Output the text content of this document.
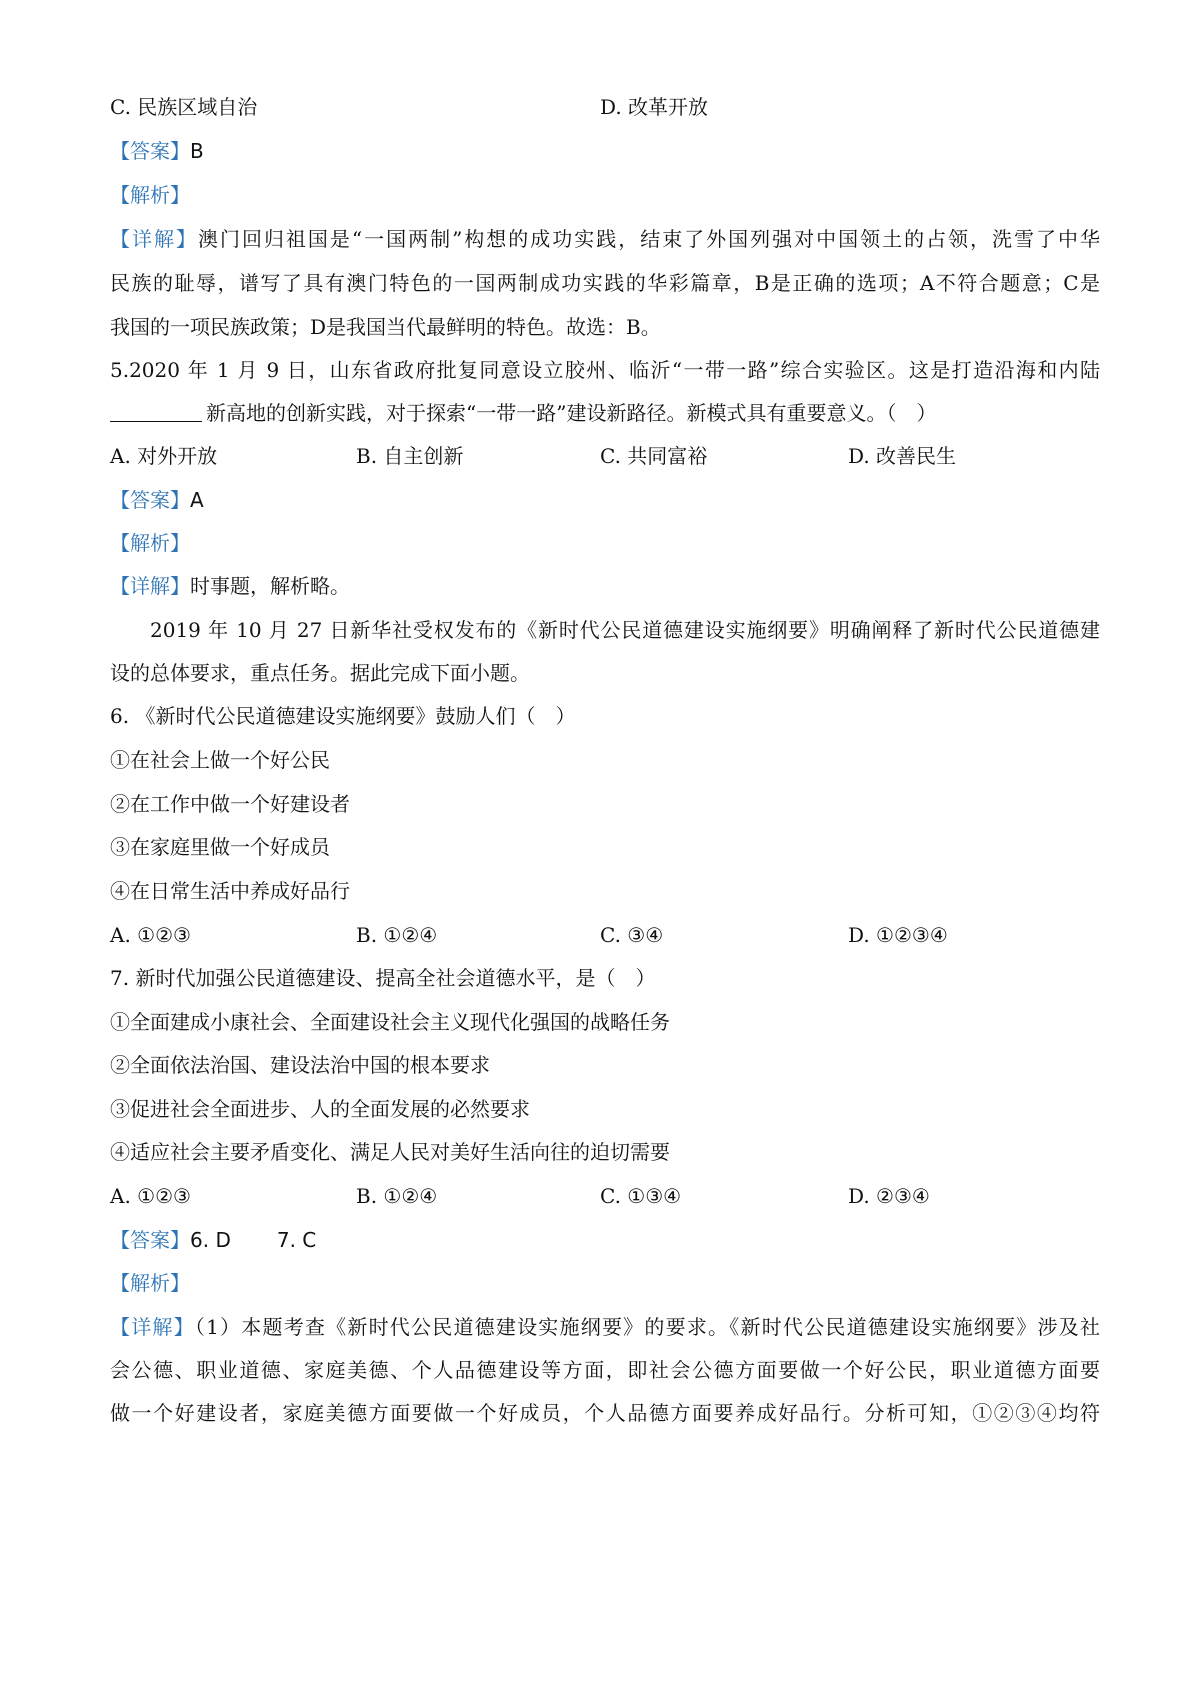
C. 民族区域自治	D. 改革开放
【答案】B
【解析】
【详解】澳门回归祖国是“一国两制”构想的成功实践，结束了外国列强对中国领土的占领，洗雪了中华
民族的耻辱，谱写了具有澳门特色的一国两制成功实践的华彩篇章，B是正确的选项；A不符合题意；C是
我国的一项民族政策；D是我国当代最鲜明的特色。故选：B。
5.2020 年 1 月 9 日，山东省政府批复同意设立胶州、临沂“一带一路”综合实验区。这是打造沿海和内陆
新高地的创新实践，对于探索“一带一路”建设新路径。新模式具有重要意义。（　）
A. 对外开放	B. 自主创新	C. 共同富裕	D. 改善民生
【答案】A
【解析】
【详解】时事题，解析略。
2019 年 10 月 27 日新华社受权发布的《新时代公民道德建设实施纲要》明确阐释了新时代公民道德建
设的总体要求，重点任务。据此完成下面小题。
6. 《新时代公民道德建设实施纲要》鼓励人们（　）
①在社会上做一个好公民
②在工作中做一个好建设者
③在家庭里做一个好成员
④在日常生活中养成好品行
A. ①②③	B. ①②④	C. ③④	D. ①②③④
7. 新时代加强公民道德建设、提高全社会道德水平，是（　）
①全面建成小康社会、全面建设社会主义现代化强国的战略任务
②全面依法治国、建设法治中国的根本要求
③促进社会全面进步、人的全面发展的必然要求
④适应社会主要矛盾变化、满足人民对美好生活向往的迫切需要
A. ①②③	B. ①②④	C. ①③④	D. ②③④
【答案】6. D 7. C
【解析】
【详解】（1）本题考查《新时代公民道德建设实施纲要》的要求。《新时代公民道德建设实施纲要》涉及社
会公德、职业道德、家庭美德、个人品德建设等方面，即社会公德方面要做一个好公民，职业道德方面要
做一个好建设者，家庭美德方面要做一个好成员，个人品德方面要养成好品行。分析可知，①②③④均符
